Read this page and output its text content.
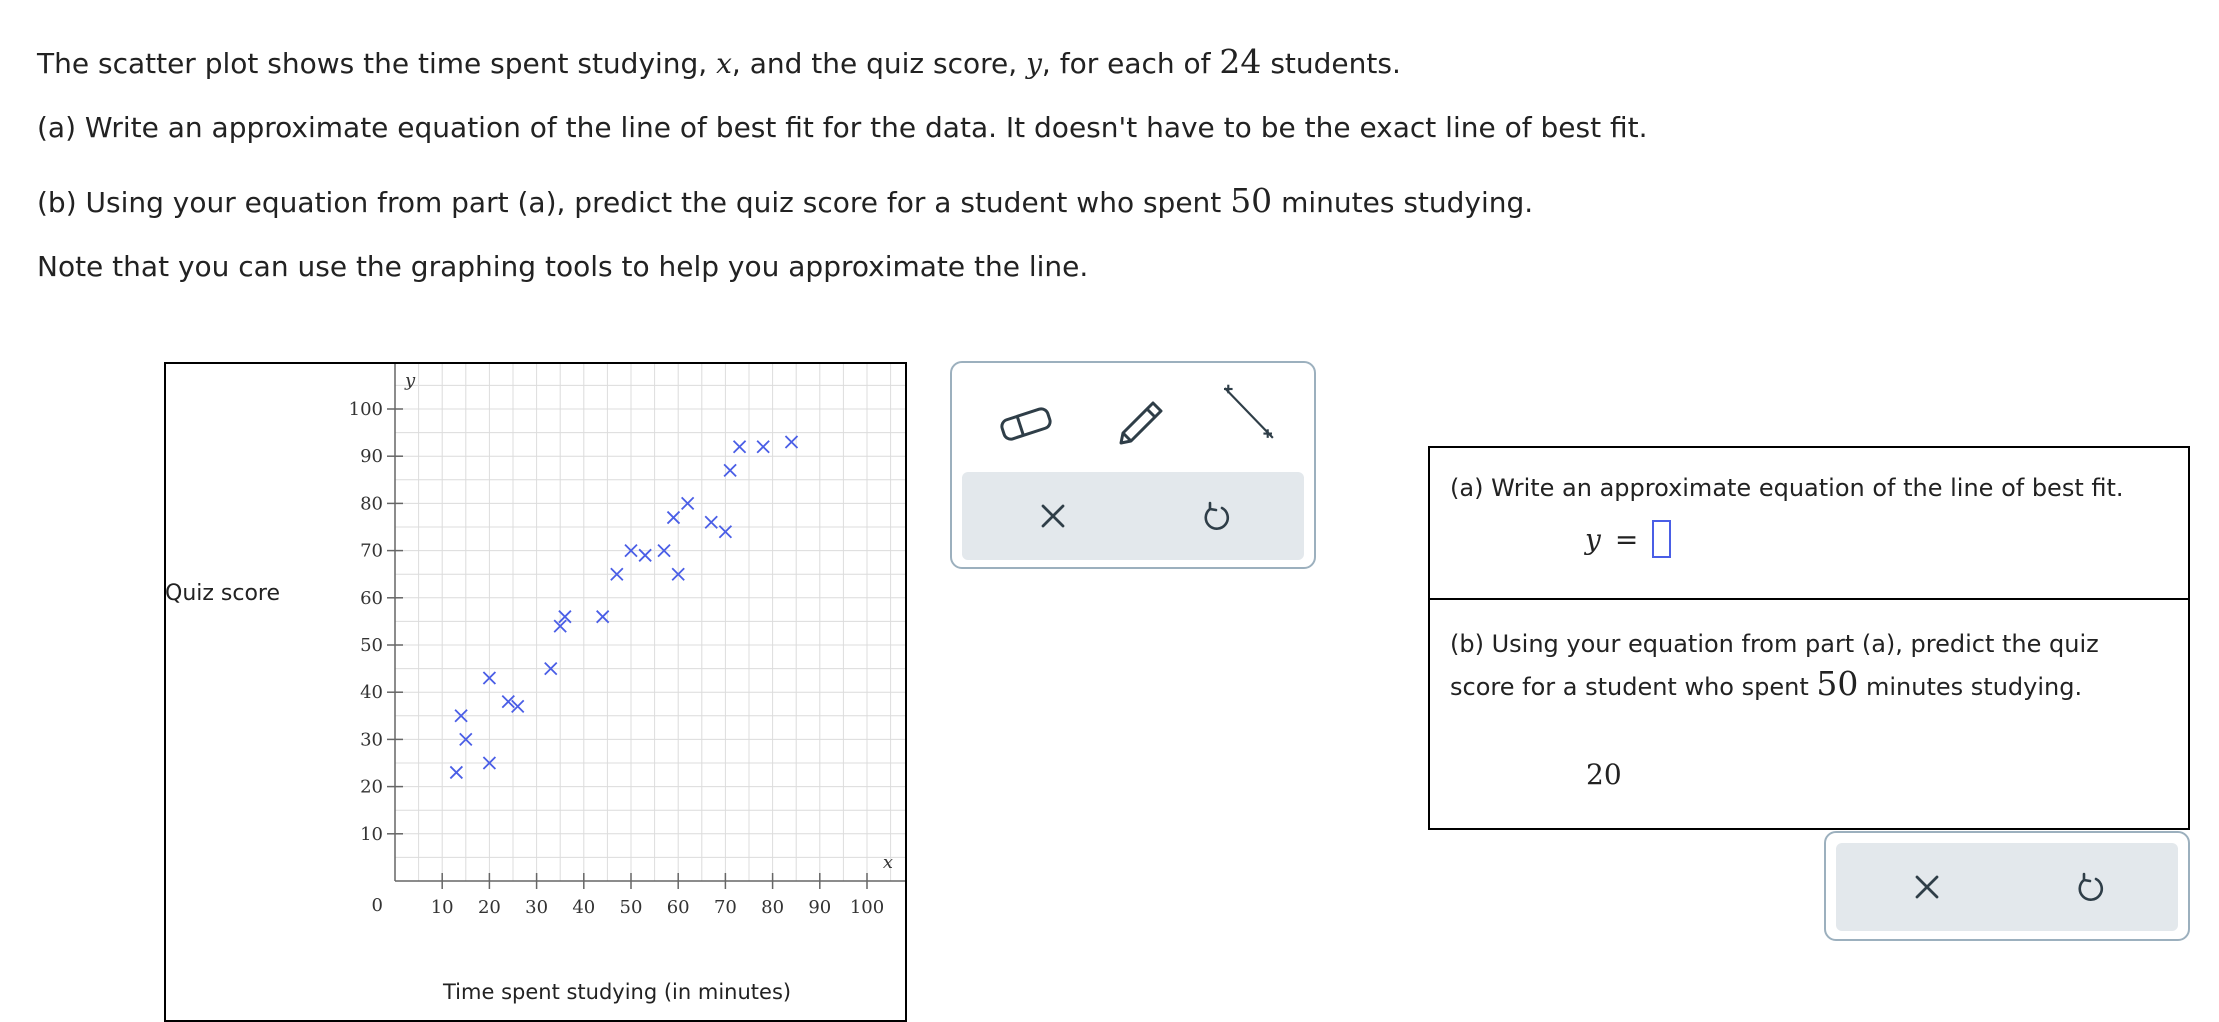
The scatter plot shows the time spent studying, x, and the quiz score, y, for each of 24 students.

(a) Write an approximate equation of the line of best fit for the data. It doesn't have to be the exact line of best fit.

(b) Using your equation from part (a), predict the quiz score for a student who spent 50 minutes studying.

Note that you can use the graphing tools to help you approximate the line.

Quiz score
Time spent studying (in minutes)
10 20 30 40 50 60 70 80 90 100
10
20
30
40
50
60
70
80
90
100
0
y
x
(a) Write an approximate equation of the line of best fit.
y =
(b) Using your equation from part (a), predict the quiz
score for a student who spent 50 minutes studying.
20
